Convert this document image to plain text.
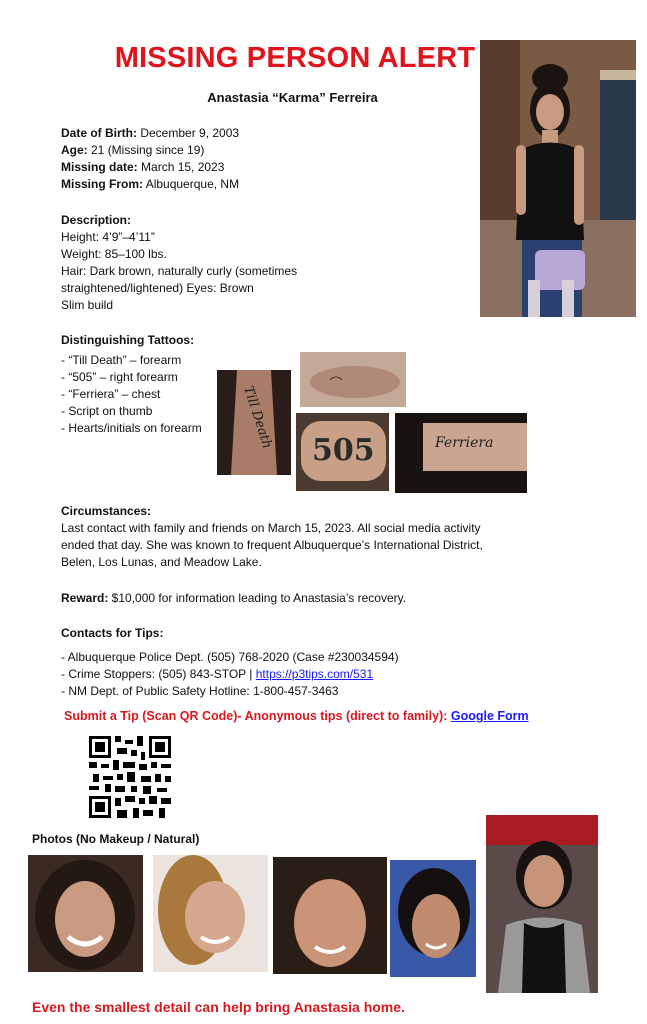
MISSING PERSON ALERT
Anastasia “Karma” Ferreira
Date of Birth: December 9, 2003
Age: 21 (Missing since 19)
Missing date: March 15, 2023
Missing From: Albuquerque, NM
Description:
Height: 4’9”–4’11”
Weight: 85–100 lbs.
Hair: Dark brown, naturally curly (sometimes
straightened/lightened) Eyes: Brown
Slim build
Distinguishing Tattoos:
- “Till Death” – forearm
- “505” – right forearm
- “Ferriera” – chest
- Script on thumb
- Hearts/initials on forearm	Till Death 505	Ferriera
Circumstances:
Last contact with family and friends on March 15, 2023. All social media activity
ended that day. She was known to frequent Albuquerque’s International District,
Belen, Los Lunas, and Meadow Lake.
Reward: $10,000 for information leading to Anastasia’s recovery.
Contacts for Tips:
- Albuquerque Police Dept. (505) 768-2020 (Case #230034594)
- Crime Stoppers: (505) 843-STOP | https://p3tips.com/531
- NM Dept. of Public Safety Hotline: 1-800-457-3463
Submit a Tip (Scan QR Code)- Anonymous tips (direct to family): Google Form
Photos (No Makeup / Natural)
Even the smallest detail can help bring Anastasia home.
